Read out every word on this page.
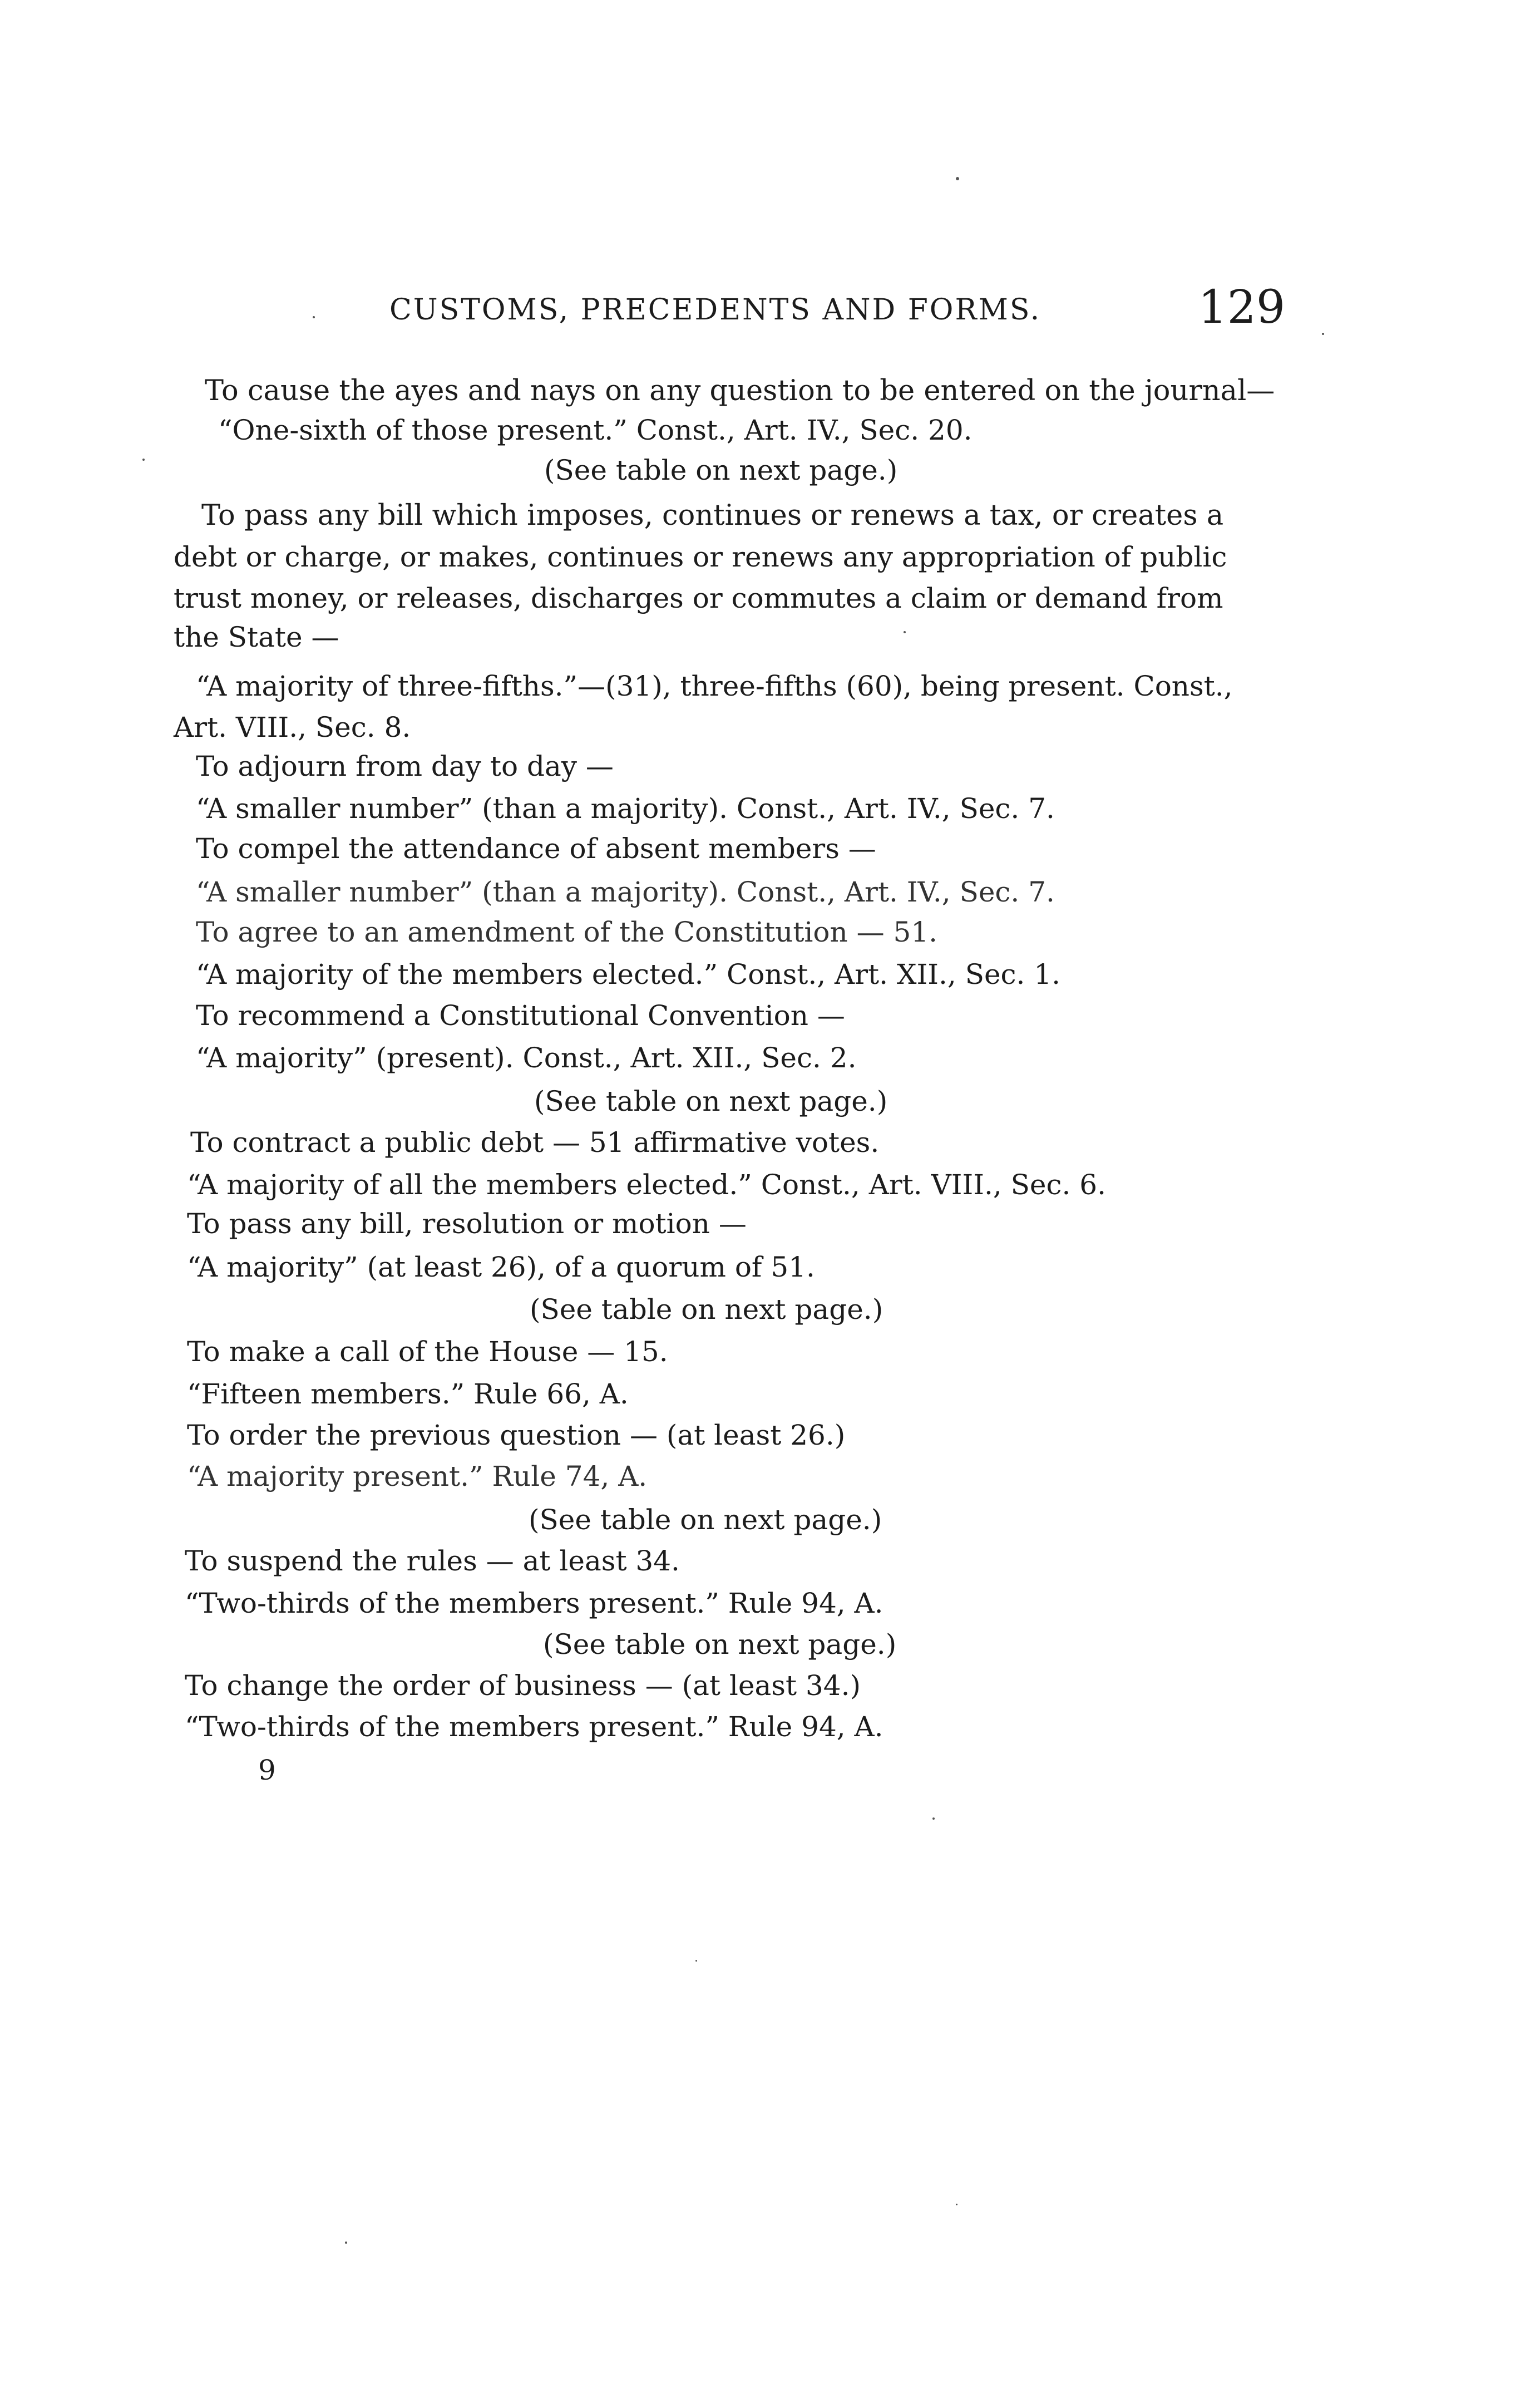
CUSTOMS, PRECEDENTS AND FORMS.	129
To cause the ayes and nays on any question to be entered on the journal—
“One-sixth of those present.” Const., Art. IV., Sec. 20.
(See table on next page.)
To pass any bill which imposes, continues or renews a tax, or creates a
debt or charge, or makes, continues or renews any appropriation of public
trust money, or releases, discharges or commutes a claim or demand from
the State —
“A majority of three-fifths.”—(31), three-fifths (60), being present. Const.,
Art. VIII., Sec. 8.
To adjourn from day to day —
“A smaller number” (than a majority). Const., Art. IV., Sec. 7.
To compel the attendance of absent members —
“A smaller number” (than a majority). Const., Art. IV., Sec. 7.
To agree to an amendment of the Constitution — 51.
“A majority of the members elected.” Const., Art. XII., Sec. 1.
To recommend a Constitutional Convention —
“A majority” (present). Const., Art. XII., Sec. 2.
(See table on next page.)
To contract a public debt — 51 affirmative votes.
“A majority of all the members elected.” Const., Art. VIII., Sec. 6.
To pass any bill, resolution or motion —
“A majority” (at least 26), of a quorum of 51.
(See table on next page.)
To make a call of the House — 15.
“Fifteen members.” Rule 66, A.
To order the previous question — (at least 26.)
“A majority present.” Rule 74, A.
(See table on next page.)
To suspend the rules — at least 34.
“Two-thirds of the members present.” Rule 94, A.
(See table on next page.)
To change the order of business — (at least 34.)
“Two-thirds of the members present.” Rule 94, A.
9
